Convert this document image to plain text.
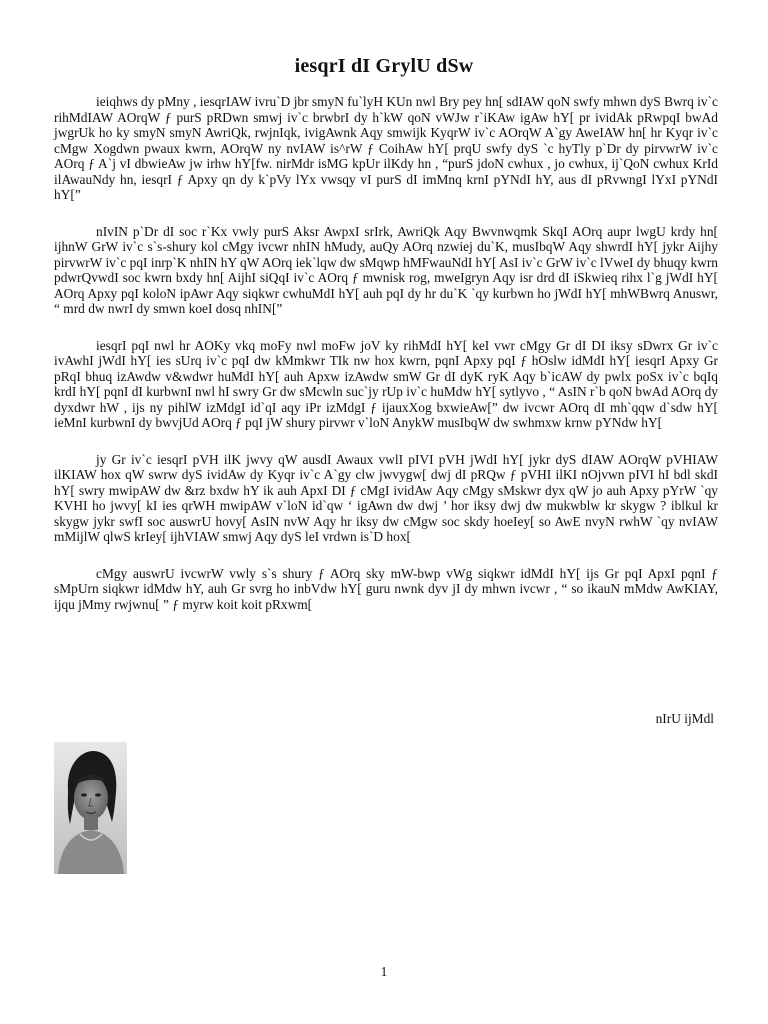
iesqrI dI GrylU dSw

ieiqhws dy pMny , iesqrIAW ivru`D jbr smyN fu`lyH KUn nwl Bry pey hn[ sdIAW qoN swfy mhwn dyS Bwrq iv`c rihMdIAW AOrqW ƒ purS pRDwn smwj iv`c brwbrI dy h`kW qoN vWJw r`iKAw igAw hY[ pr ividAk pRwpqI bwAd jwgrUk ho ky smyN smyN AwriQk, rwjnIqk, ivigAwnk Aqy smwijk KyqrW iv`c AOrqW A`gy AweIAW hn[ hr Kyqr iv`c cMgw Xogdwn pwaux kwrn, AOrqW ny nvIAW is^rW ƒ CoihAw hY[ prqU swfy dyS `c hyTly p`Dr dy pirvwrW iv`c AOrq ƒ A`j vI dbwieAw jw irhw hY[fw. nirMdr isMG kpUr ilKdy hn , “purS jdoN cwhux , jo cwhux, ij`QoN cwhux KrId ilAwauNdy hn, iesqrI ƒ Apxy qn dy k`pVy lYx vwsqy vI purS dI imMnq krnI pYNdI hY, aus dI pRvwngI lYxI pYNdI hY[”

nIvIN p`Dr dI soc r`Kx vwly purS Aksr AwpxI srIrk, AwriQk Aqy Bwvnwqmk SkqI AOrq aupr lwgU krdy hn[ ijhnW GrW iv`c s`s-shury kol cMgy ivcwr nhIN hMudy, auQy AOrq nzwiej du`K, musIbqW Aqy shwrdI hY[ jykr Aijhy pirvwrW iv`c pqI inrp`K nhIN hY qW AOrq iek`lqw dw sMqwp hMFwauNdI hY[ AsI iv`c GrW iv`c lVweI dy bhuqy kwrn pdwrQvwdI soc kwrn bxdy hn[ AijhI siQqI iv`c AOrq ƒ mwnisk rog, mweIgryn Aqy isr drd dI iSkwieq rihx l`g jWdI hY[ AOrq Apxy pqI koloN ipAwr Aqy siqkwr cwhuMdI hY[ auh pqI dy hr du`K `qy kurbwn ho jWdI hY[ mhWBwrq Anuswr, “ mrd dw nwrI dy smwn koeI dosq nhIN[”

iesqrI pqI nwl hr AOKy vkq moFy nwl moFw joV ky rihMdI hY[ keI vwr cMgy Gr dI DI iksy sDwrx Gr iv`c ivAwhI jWdI hY[ ies sUrq iv`c pqI dw kMmkwr TIk nw hox kwrn, pqnI Apxy pqI ƒ hOslw idMdI hY[ iesqrI Apxy Gr pRqI bhuq izAwdw v&wdwr huMdI hY[ auh Apxw izAwdw smW Gr dI dyK ryK Aqy b`icAW dy pwlx poSx iv`c bqIq krdI hY[ pqnI dI kurbwnI nwl hI swry Gr dw sMcwln suc`jy rUp iv`c huMdw hY[ sytlyvo , “ AsIN r`b qoN bwAd AOrq dy dyxdwr hW , ijs ny pihlW izMdgI id`qI aqy iPr izMdgI ƒ ijauxXog bxwieAw[” dw ivcwr AOrq dI mh`qqw d`sdw hY[ ieMnI kurbwnI dy bwvjUd AOrq ƒ pqI jW shury pirvwr v`loN AnykW musIbqW dw swhmxw krnw pYNdw hY[

jy Gr iv`c iesqrI pVH ilK jwvy qW ausdI Awaux vwlI pIVI pVH jWdI hY[ jykr dyS dIAW AOrqW pVHIAW ilKIAW hox qW swrw dyS ividAw dy Kyqr iv`c A`gy clw jwvygw[ dwj dI pRQw ƒ pVHI ilKI nOjvwn pIVI hI bdl skdI hY[ swry mwipAW dw &rz bxdw hY ik auh ApxI DI ƒ cMgI ividAw Aqy cMgy sMskwr dyx qW jo auh Apxy pYrW `qy KVHI ho jwvy[ kI ies qrWH mwipAW v`loN id`qw ‘ igAwn dw dwj ’ hor iksy dwj dw mukwblw kr skygw ? iblkul kr skygw jykr swfI soc auswrU hovy[ AsIN nvW Aqy hr iksy dw cMgw soc skdy hoeIey[ so AwE nvyN rwhW `qy nvIAW mMijlW qlwS krIey[ ijhVIAW smwj Aqy dyS leI vrdwn is`D hox[

cMgy auswrU ivcwrW vwly s`s shury ƒ AOrq sky mW-bwp vWg siqkwr idMdI hY[ ijs Gr pqI ApxI pqnI ƒ sMpUrn siqkwr idMdw hY, auh Gr svrg ho inbVdw hY[ guru nwnk dyv jI dy mhwn ivcwr , “ so ikauN mMdw AwKIAY, ijqu jMmy rwjwnu[ ” ƒ myrw koit koit pRxwm[

nIrU ijMdl
1
